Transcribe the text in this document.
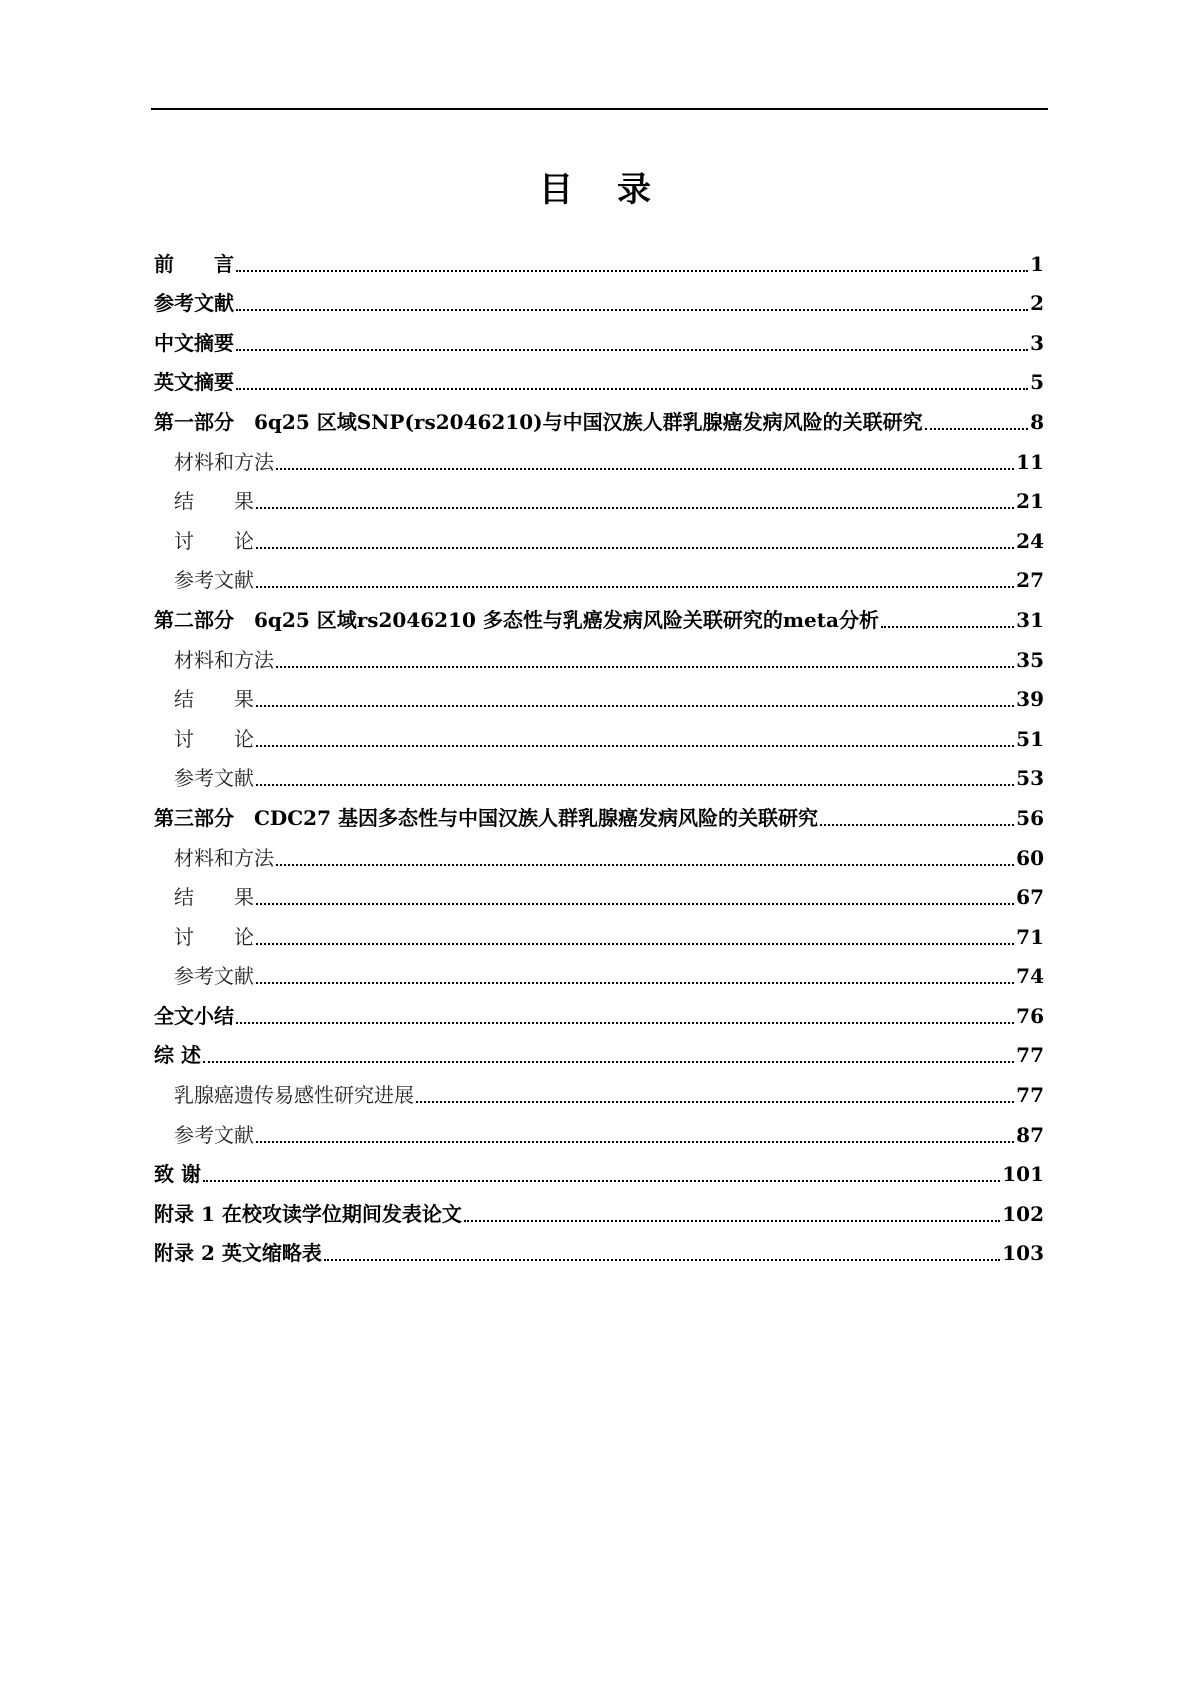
目录
前　　言	1
参考文献	2
中文摘要	3
英文摘要	5
第一部分　6q25 区域SNP(rs2046210)与中国汉族人群乳腺癌发病风险的关联研究	8
材料和方法	11
结　　果	21
讨　　论	24
参考文献	27
第二部分　6q25 区域rs2046210 多态性与乳癌发病风险关联研究的meta分析	31
材料和方法	35
结　　果	39
讨　　论	51
参考文献	53
第三部分　CDC27 基因多态性与中国汉族人群乳腺癌发病风险的关联研究	56
材料和方法	60
结　　果	67
讨　　论	71
参考文献	74
全文小结	76
综 述	77
乳腺癌遗传易感性研究进展	77
参考文献	87
致 谢	101
附录 1 在校攻读学位期间发表论文	102
附录 2 英文缩略表	103
